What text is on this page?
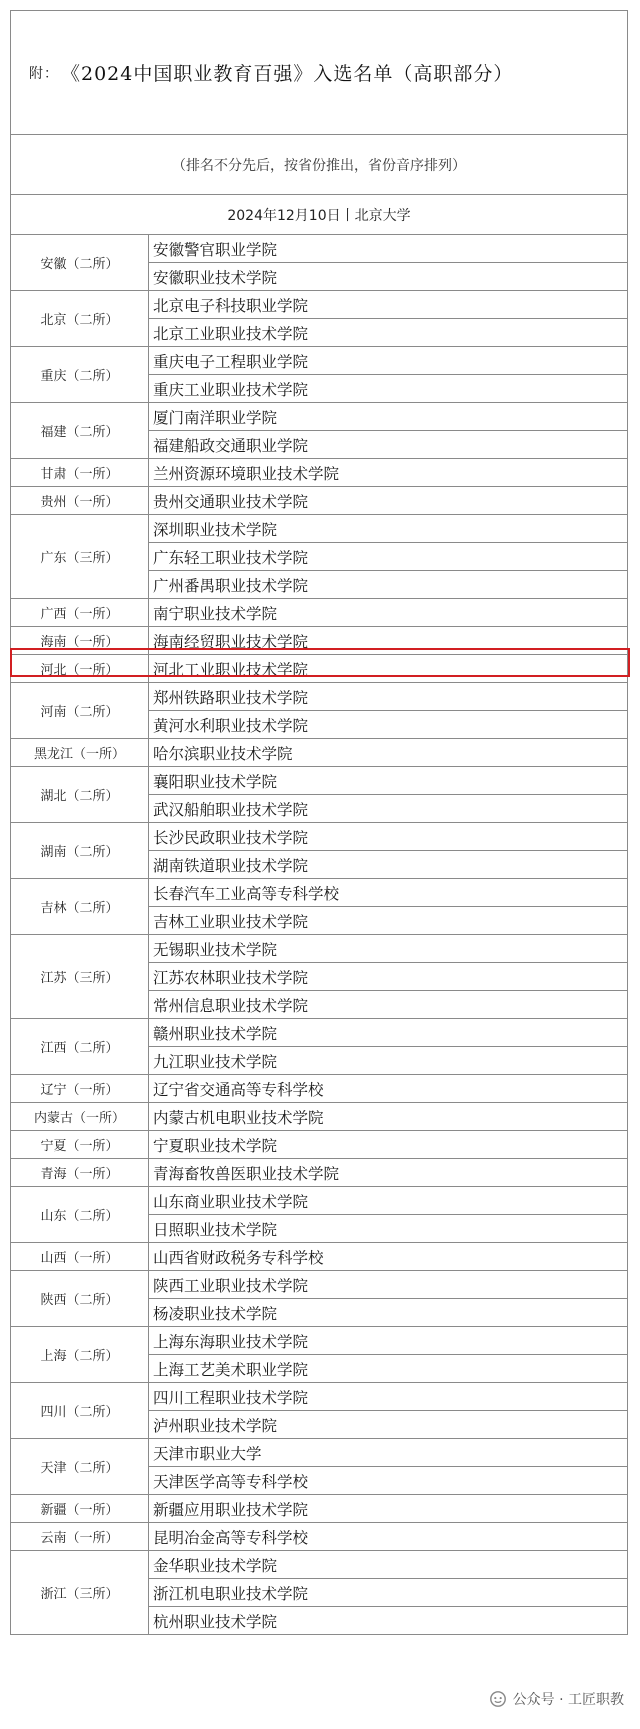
附： 《2024中国职业教育百强》入选名单（高职部分）
（排名不分先后，按省份推出，省份音序排列）
2024年12月10日丨北京大学
安徽（二所）	安徽警官职业学院
	安徽职业技术学院
北京（二所）	北京电子科技职业学院
	北京工业职业技术学院
重庆（二所）	重庆电子工程职业学院
	重庆工业职业技术学院
福建（二所）	厦门南洋职业学院
	福建船政交通职业学院
甘肃（一所）	兰州资源环境职业技术学院
贵州（一所）	贵州交通职业技术学院
广东（三所）	深圳职业技术学院
	广东轻工职业技术学院
	广州番禺职业技术学院
广西（一所）	南宁职业技术学院
海南（一所）	海南经贸职业技术学院
河北（一所）	河北工业职业技术学院
河南（二所）	郑州铁路职业技术学院
	黄河水利职业技术学院
黑龙江（一所）	哈尔滨职业技术学院
湖北（二所）	襄阳职业技术学院
	武汉船舶职业技术学院
湖南（二所）	长沙民政职业技术学院
	湖南铁道职业技术学院
吉林（二所）	长春汽车工业高等专科学校
	吉林工业职业技术学院
江苏（三所）	无锡职业技术学院
	江苏农林职业技术学院
	常州信息职业技术学院
江西（二所）	赣州职业技术学院
	九江职业技术学院
辽宁（一所）	辽宁省交通高等专科学校
内蒙古（一所）	内蒙古机电职业技术学院
宁夏（一所）	宁夏职业技术学院
青海（一所）	青海畜牧兽医职业技术学院
山东（二所）	山东商业职业技术学院
	日照职业技术学院
山西（一所）	山西省财政税务专科学校
陕西（二所）	陕西工业职业技术学院
	杨凌职业技术学院
上海（二所）	上海东海职业技术学院
	上海工艺美术职业学院
四川（二所）	四川工程职业技术学院
	泸州职业技术学院
天津（二所）	天津市职业大学
	天津医学高等专科学校
新疆（一所）	新疆应用职业技术学院
云南（一所）	昆明冶金高等专科学校
浙江（三所）	金华职业技术学院
	浙江机电职业技术学院
	杭州职业技术学院
公众号 · 工匠职教
